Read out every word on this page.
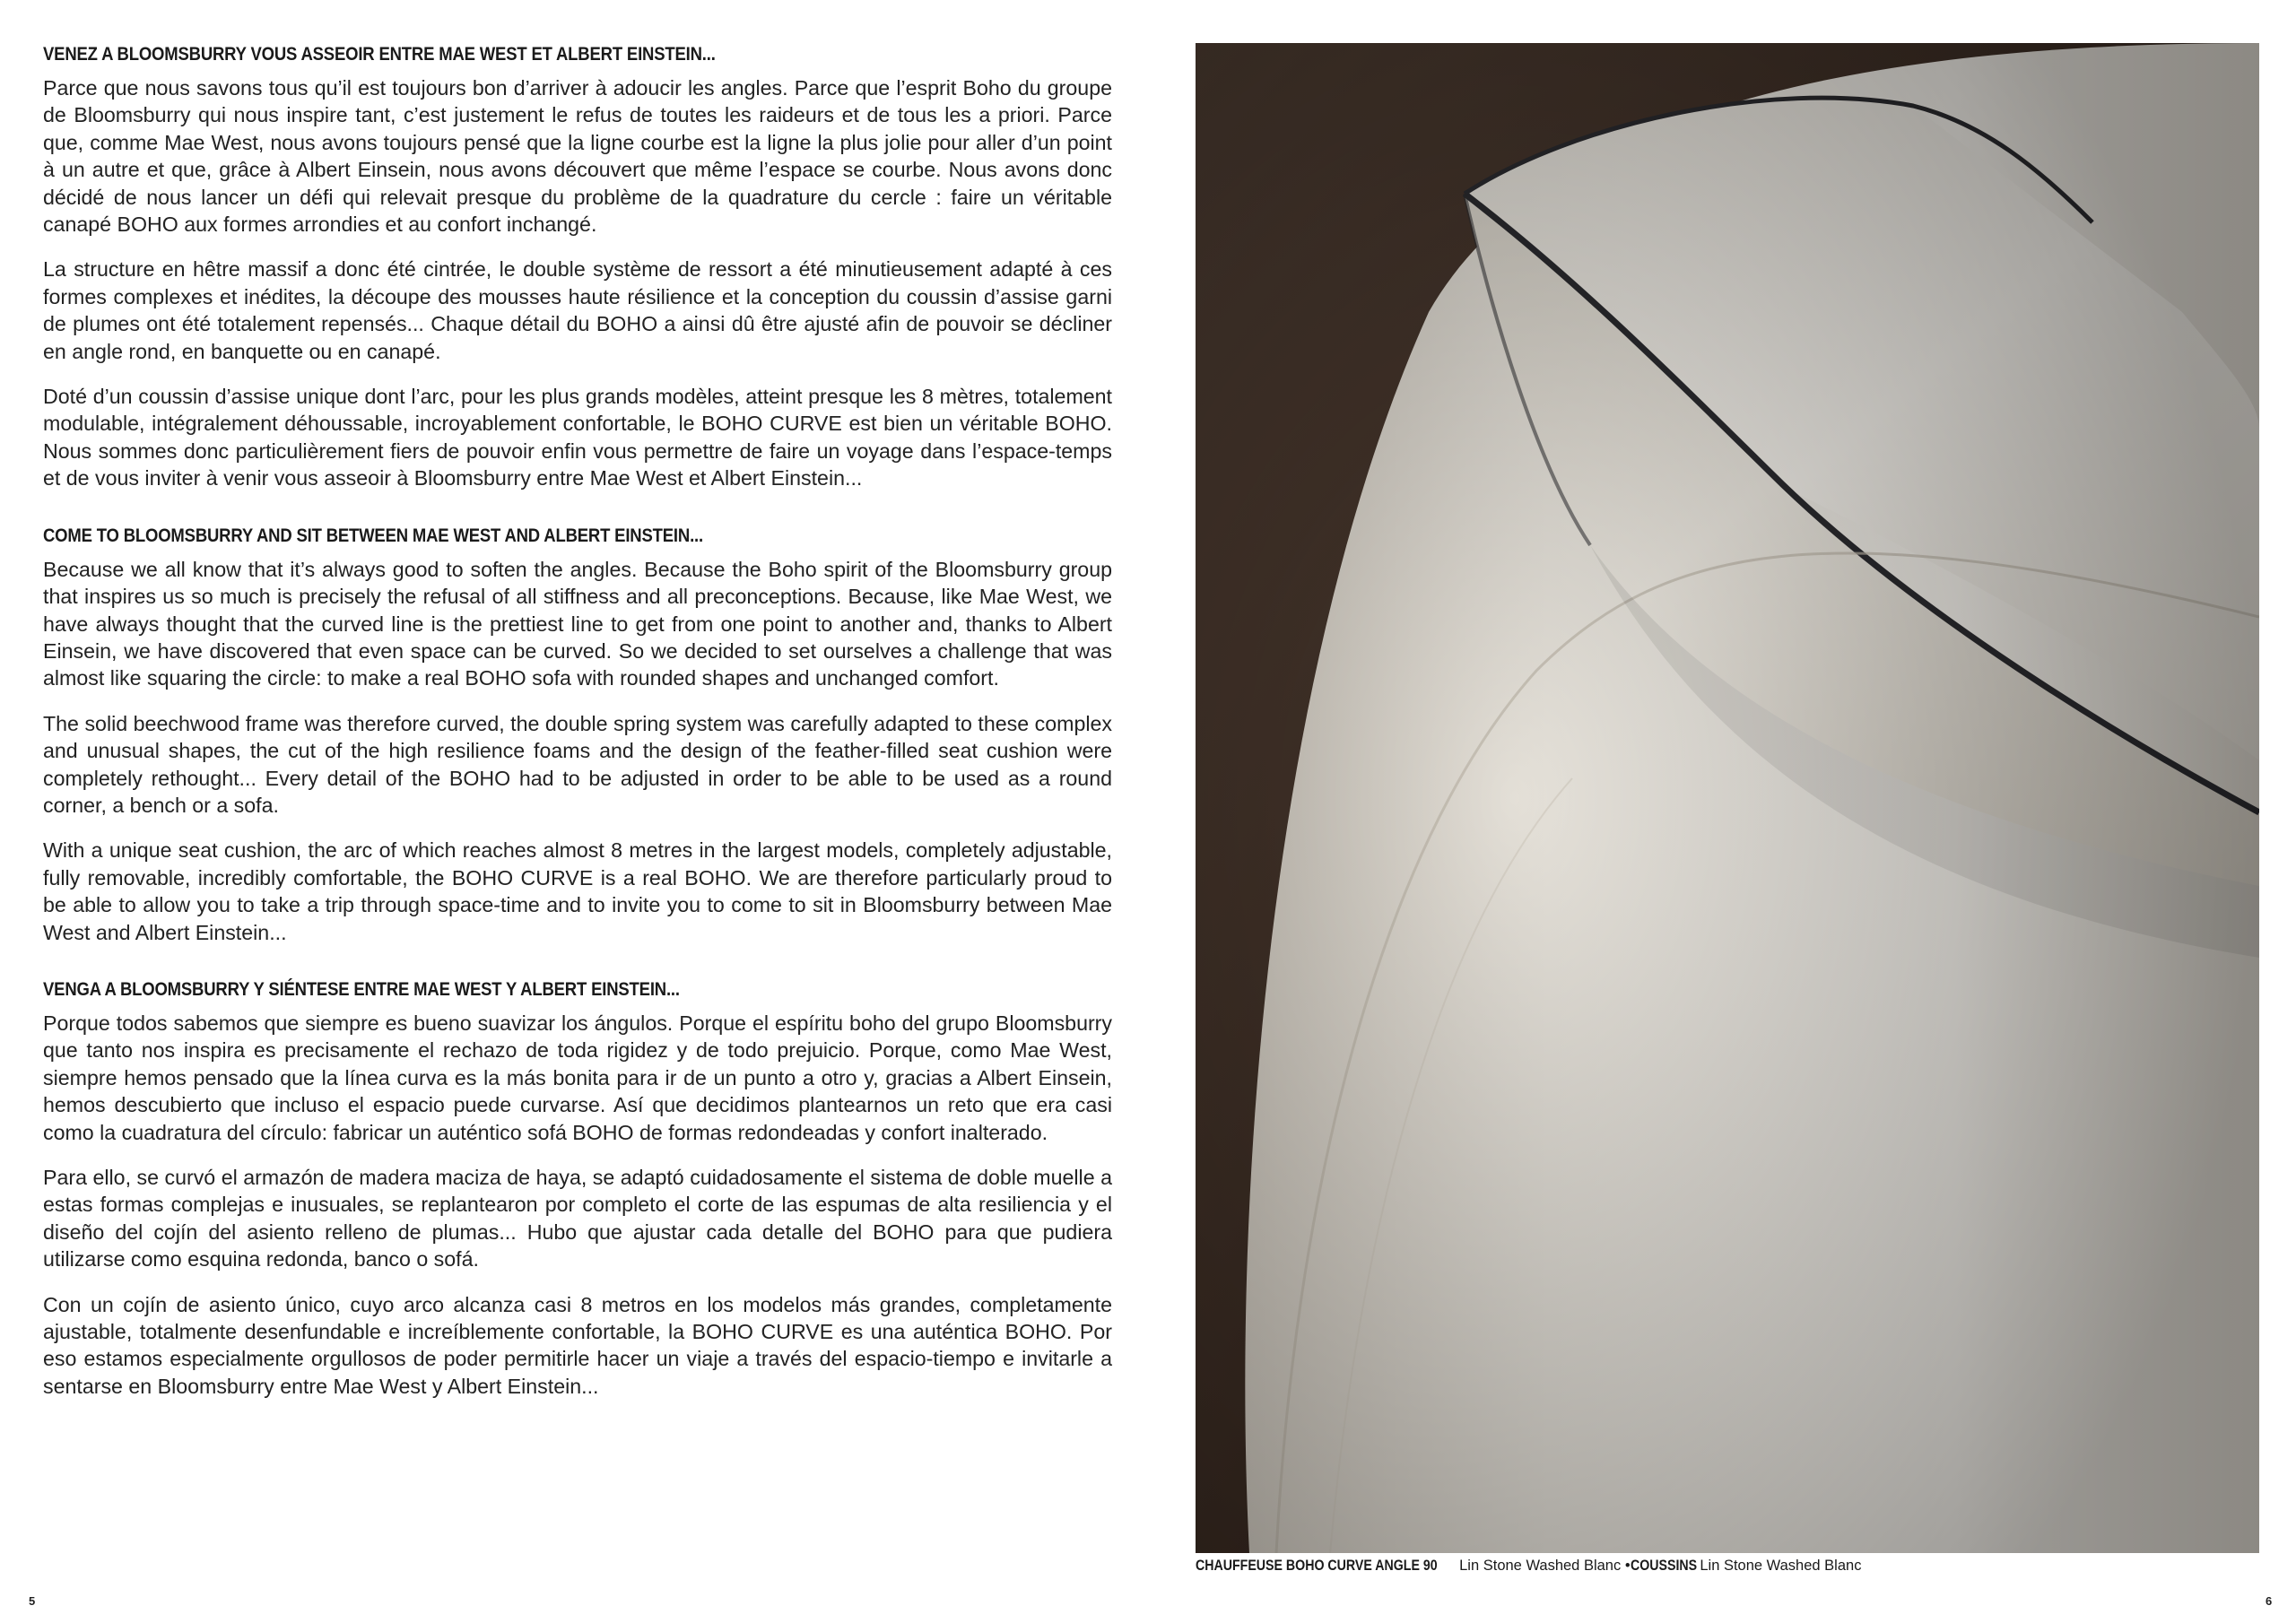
VENEZ A BLOOMSBURRY VOUS ASSEOIR ENTRE MAE WEST ET ALBERT EINSTEIN...

Parce que nous savons tous qu’il est toujours bon d’arriver à adoucir les angles. Parce que l’esprit Boho du groupe de Bloomsburry qui nous inspire tant, c’est justement le refus de toutes les raideurs et de tous les a priori. Parce que, comme Mae West, nous avons toujours pensé que la ligne courbe est la ligne la plus jolie pour aller d’un point à un autre et que, grâce à Albert Einsein, nous avons découvert que même l’espace se courbe. Nous avons donc décidé de nous lancer un défi qui relevait presque du problème de la quadrature du cercle : faire un véritable canapé BOHO aux formes arrondies et au confort inchangé.

La structure en hêtre massif a donc été cintrée, le double système de ressort a été minutieusement adapté à ces formes complexes et inédites, la découpe des mousses haute résilience et la conception du coussin d’assise garni de plumes ont été totalement repensés... Chaque détail du BOHO a ainsi dû être ajusté afin de pouvoir se décliner en angle rond, en banquette ou en canapé.

Doté d’un coussin d’assise unique dont l’arc, pour les plus grands modèles, atteint presque les 8 mètres, totalement modulable, intégralement déhoussable, incroyablement confortable, le BOHO CURVE est bien un véritable BOHO. Nous sommes donc particulièrement fiers de pouvoir enfin vous permettre de faire un voyage dans l’espace-temps et de vous inviter à venir vous asseoir à Bloomsburry entre Mae West et Albert Einstein...

COME TO BLOOMSBURRY AND SIT BETWEEN MAE WEST AND ALBERT EINSTEIN...

Because we all know that it’s always good to soften the angles. Because the Boho spirit of the Bloomsburry group that inspires us so much is precisely the refusal of all stiffness and all preconceptions. Because, like Mae West, we have always thought that the curved line is the prettiest line to get from one point to another and, thanks to Albert Einsein, we have discovered that even space can be curved. So we decided to set ourselves a challenge that was almost like squaring the circle: to make a real BOHO sofa with rounded shapes and unchanged comfort.

The solid beechwood frame was therefore curved, the double spring system was carefully adapted to these complex and unusual shapes, the cut of the high resilience foams and the design of the feather-filled seat cushion were completely rethought... Every detail of the BOHO had to be adjusted in order to be able to be used as a round corner, a bench or a sofa.

With a unique seat cushion, the arc of which reaches almost 8 metres in the largest models, completely adjustable, fully removable, incredibly comfortable, the BOHO CURVE is a real BOHO. We are therefore particularly proud to be able to allow you to take a trip through space-time and to invite you to come to sit in Bloomsburry between Mae West and Albert Einstein...

VENGA A BLOOMSBURRY Y SIÉNTESE ENTRE MAE WEST Y ALBERT EINSTEIN...

Porque todos sabemos que siempre es bueno suavizar los ángulos. Porque el espíritu boho del grupo Bloomsburry que tanto nos inspira es precisamente el rechazo de toda rigidez y de todo prejuicio. Porque, como Mae West, siempre hemos pensado que la línea curva es la más bonita para ir de un punto a otro y, gracias a Albert Einsein, hemos descubierto que incluso el espacio puede curvarse. Así que decidimos plantearnos un reto que era casi como la cuadratura del círculo: fabricar un auténtico sofá BOHO de formas redondeadas y confort inalterado.

Para ello, se curvó el armazón de madera maciza de haya, se adaptó cuidadosamente el sistema de doble muelle a estas formas complejas e inusuales, se replantearon por completo el corte de las espumas de alta resiliencia y el diseño del cojín del asiento relleno de plumas... Hubo que ajustar cada detalle del BOHO para que pudiera utilizarse como esquina redonda, banco o sofá.

Con un cojín de asiento único, cuyo arco alcanza casi 8 metros en los modelos más grandes, completamente ajustable, totalmente desenfundable e increíblemente confortable, la BOHO CURVE es una auténtica BOHO. Por eso estamos especialmente orgullosos de poder permitirle hacer un viaje a través del espacio-tiempo e invitarle a sentarse en Bloomsburry entre Mae West y Albert Einstein...

CHAUFFEUSE BOHO CURVE ANGLE 90 Lin Stone Washed Blanc •COUSSINS Lin Stone Washed Blanc
5	6
